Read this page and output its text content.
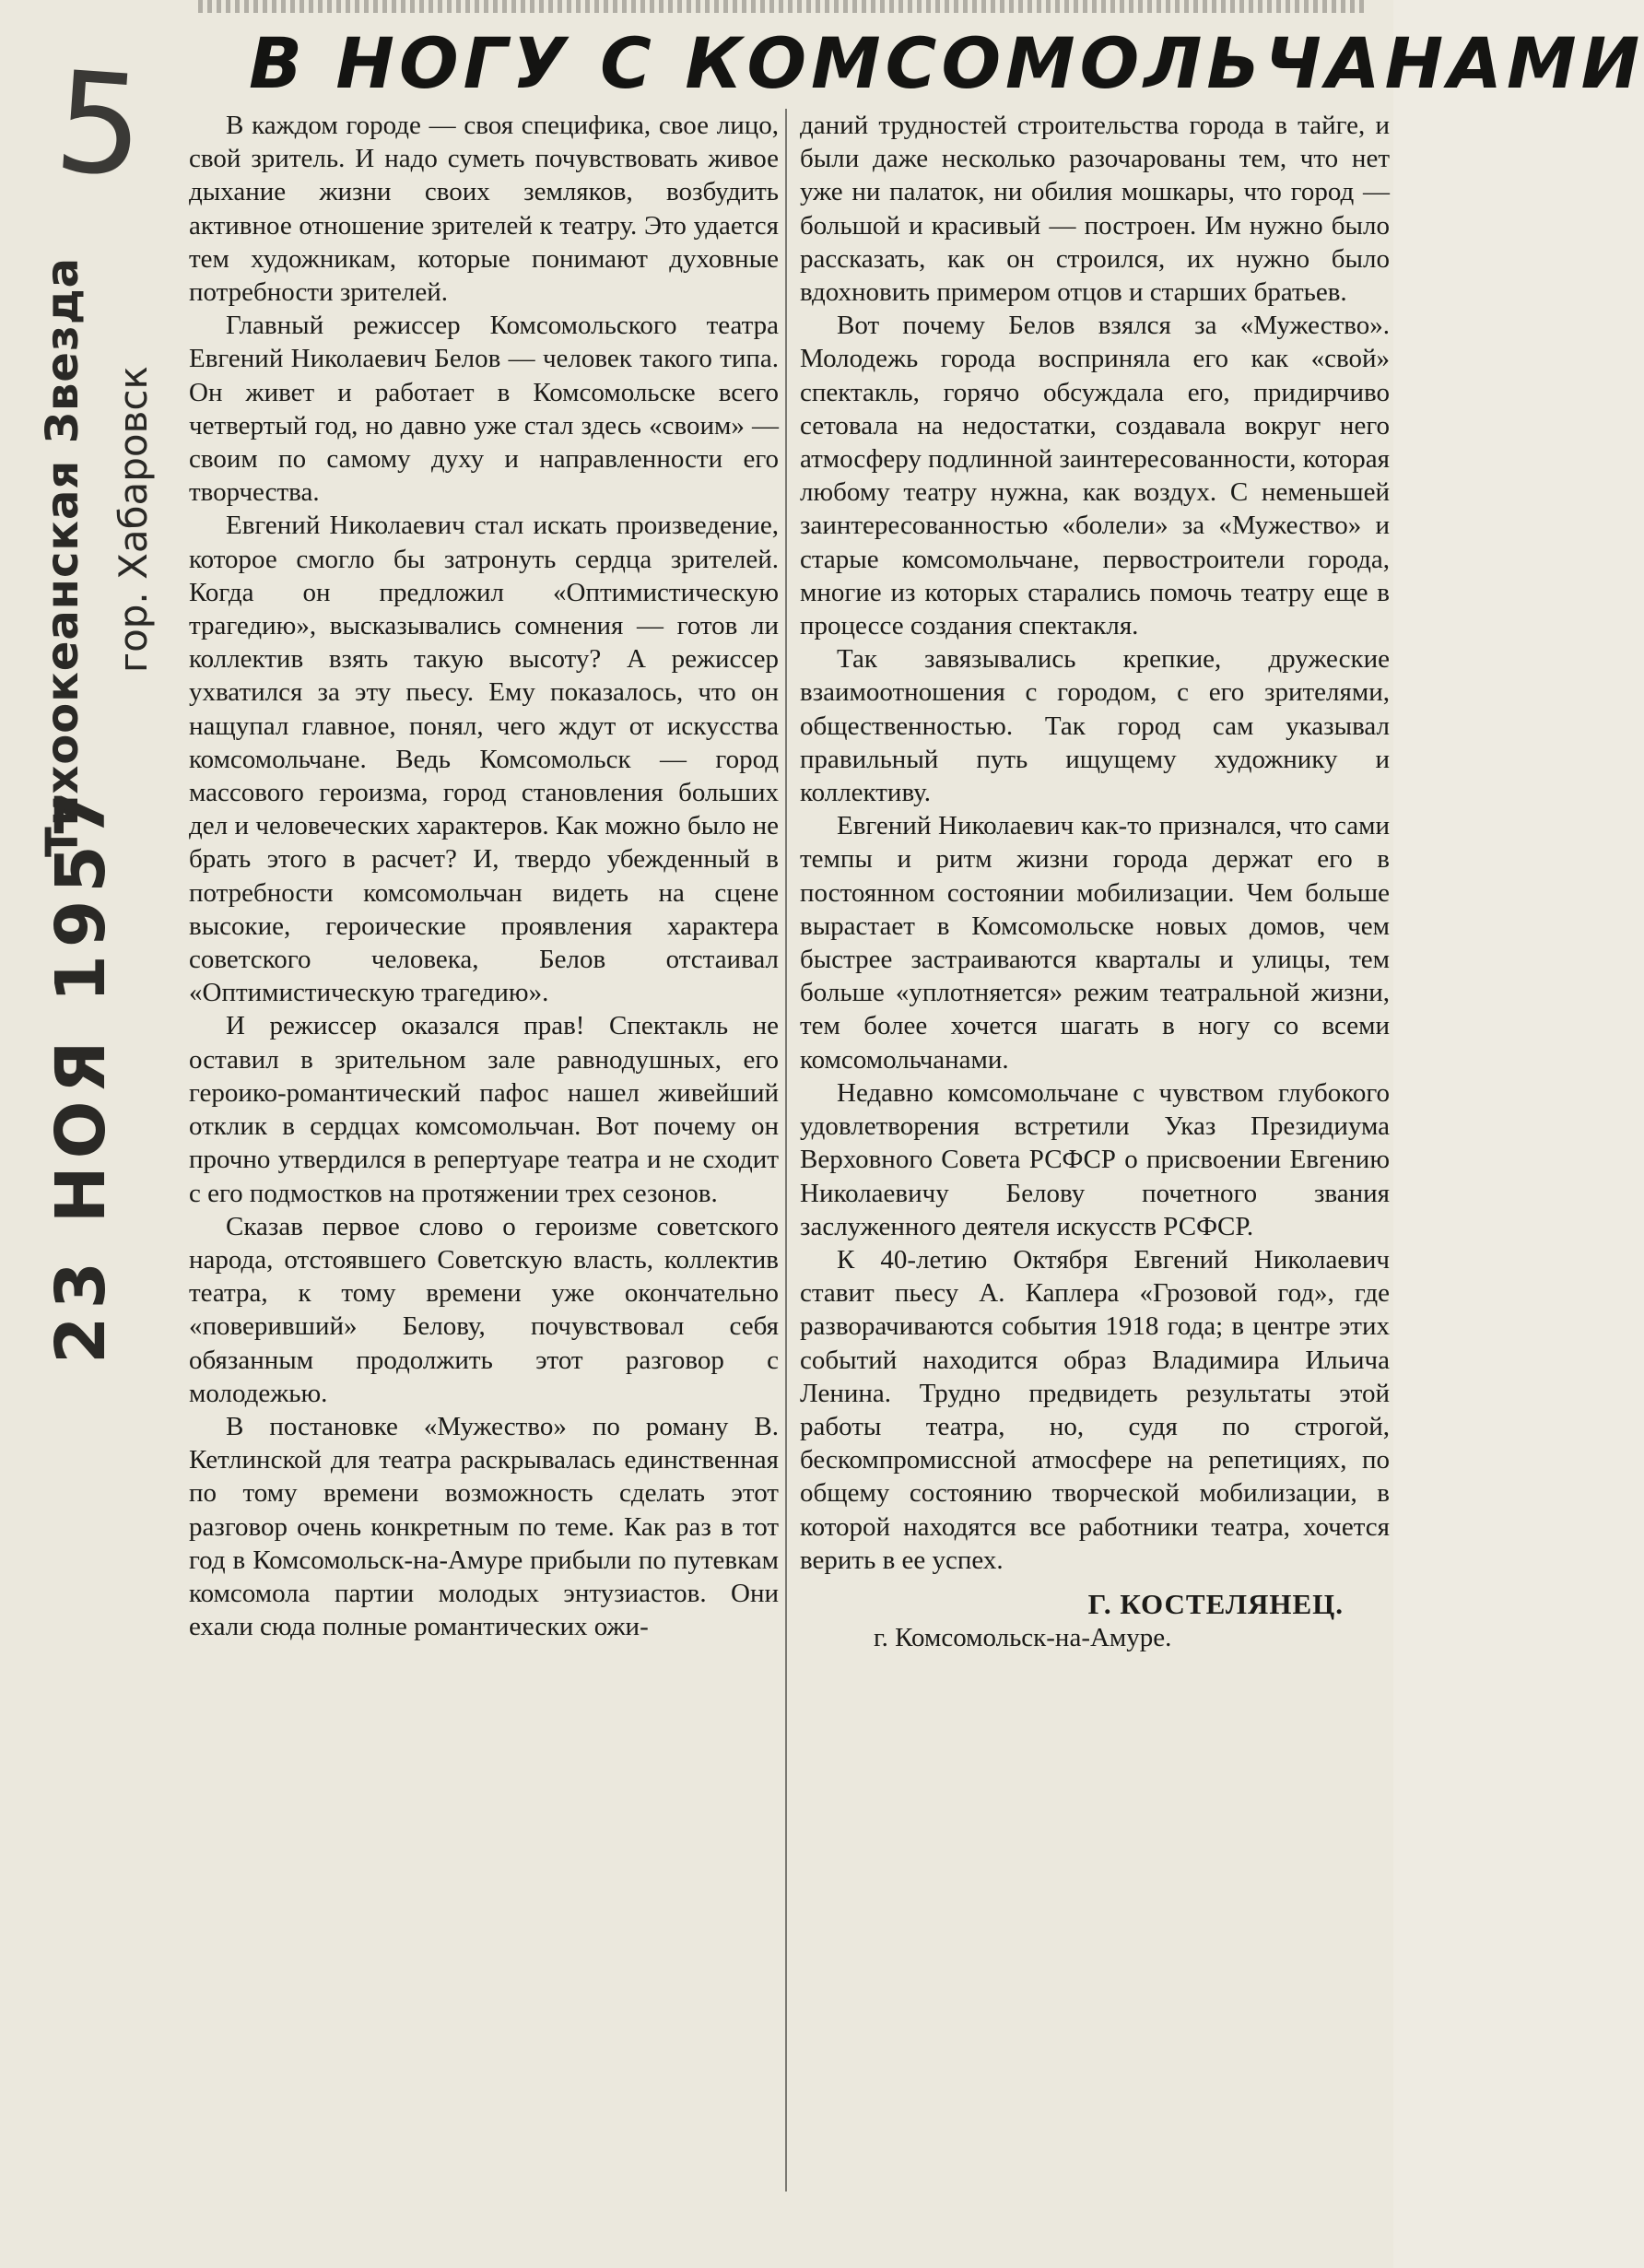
5
Тихоокеанская Звезда гор. Хабаровск
23 НОЯ 1957
В НОГУ С КОМСОМОЛЬЧАНАМИ

В каждом городе — своя специфика, свое лицо, свой зритель. И надо суметь почувствовать живое дыхание жизни своих земляков, возбудить активное отношение зрителей к театру. Это удается тем художникам, которые понимают духовные потребности зрителей.

Главный режиссер Комсомольского театра Евгений Николаевич Белов — человек такого типа. Он живет и работает в Комсомольске всего четвертый год, но давно уже стал здесь «своим» — своим по самому духу и направленности его творчества.

Евгений Николаевич стал искать произведение, которое смогло бы затронуть сердца зрителей. Когда он предложил «Оптимистическую трагедию», высказывались сомнения — готов ли коллектив взять такую высоту? А режиссер ухватился за эту пьесу. Ему показалось, что он нащупал главное, понял, чего ждут от искусства комсомольчане. Ведь Комсомольск — город массового героизма, город становления больших дел и человеческих характеров. Как можно было не брать этого в расчет? И, твердо убежденный в потребности комсомольчан видеть на сцене высокие, героические проявления характера советского человека, Белов отстаивал «Оптимистическую трагедию».

И режиссер оказался прав! Спектакль не оставил в зрительном зале равнодушных, его героико-романтический пафос нашел живейший отклик в сердцах комсомольчан. Вот почему он прочно утвердился в репертуаре театра и не сходит с его подмостков на протяжении трех сезонов.

Сказав первое слово о героизме советского народа, отстоявшего Советскую власть, коллектив театра, к тому времени уже окончательно «поверивший» Белову, почувствовал себя обязанным продолжить этот разговор с молодежью.

В постановке «Мужество» по роману В. Кетлинской для театра раскрывалась единственная по тому времени возможность сделать этот разговор очень конкретным по теме. Как раз в тот год в Комсомольск-на-Амуре прибыли по путевкам комсомола партии молодых энтузиастов. Они ехали сюда полные романтических ожи-

даний трудностей строительства города в тайге, и были даже несколько разочарованы тем, что нет уже ни палаток, ни обилия мошкары, что город — большой и красивый — построен. Им нужно было рассказать, как он строился, их нужно было вдохновить примером отцов и старших братьев.

Вот почему Белов взялся за «Мужество». Молодежь города восприняла его как «свой» спектакль, горячо обсуждала его, придирчиво сетовала на недостатки, создавала вокруг него атмосферу подлинной заинтересованности, которая любому театру нужна, как воздух. С неменьшей заинтересованностью «болели» за «Мужество» и старые комсомольчане, первостроители города, многие из которых старались помочь театру еще в процессе создания спектакля.

Так завязывались крепкие, дружеские взаимоотношения с городом, с его зрителями, общественностью. Так город сам указывал правильный путь ищущему художнику и коллективу.

Евгений Николаевич как-то признался, что сами темпы и ритм жизни города держат его в постоянном состоянии мобилизации. Чем больше вырастает в Комсомольске новых домов, чем быстрее застраиваются кварталы и улицы, тем больше «уплотняется» режим театральной жизни, тем более хочется шагать в ногу со всеми комсомольчанами.

Недавно комсомольчане с чувством глубокого удовлетворения встретили Указ Президиума Верховного Совета РСФСР о присвоении Евгению Николаевичу Белову почетного звания заслуженного деятеля искусств РСФСР.

К 40-летию Октября Евгений Николаевич ставит пьесу А. Каплера «Грозовой год», где разворачиваются события 1918 года; в центре этих событий находится образ Владимира Ильича Ленина. Трудно предвидеть результаты этой работы театра, но, судя по строгой, бескомпромиссной атмосфере на репетициях, по общему состоянию творческой мобилизации, в которой находятся все работники театра, хочется верить в ее успех.

Г. КОСТЕЛЯНЕЦ.

г. Комсомольск-на-Амуре.
